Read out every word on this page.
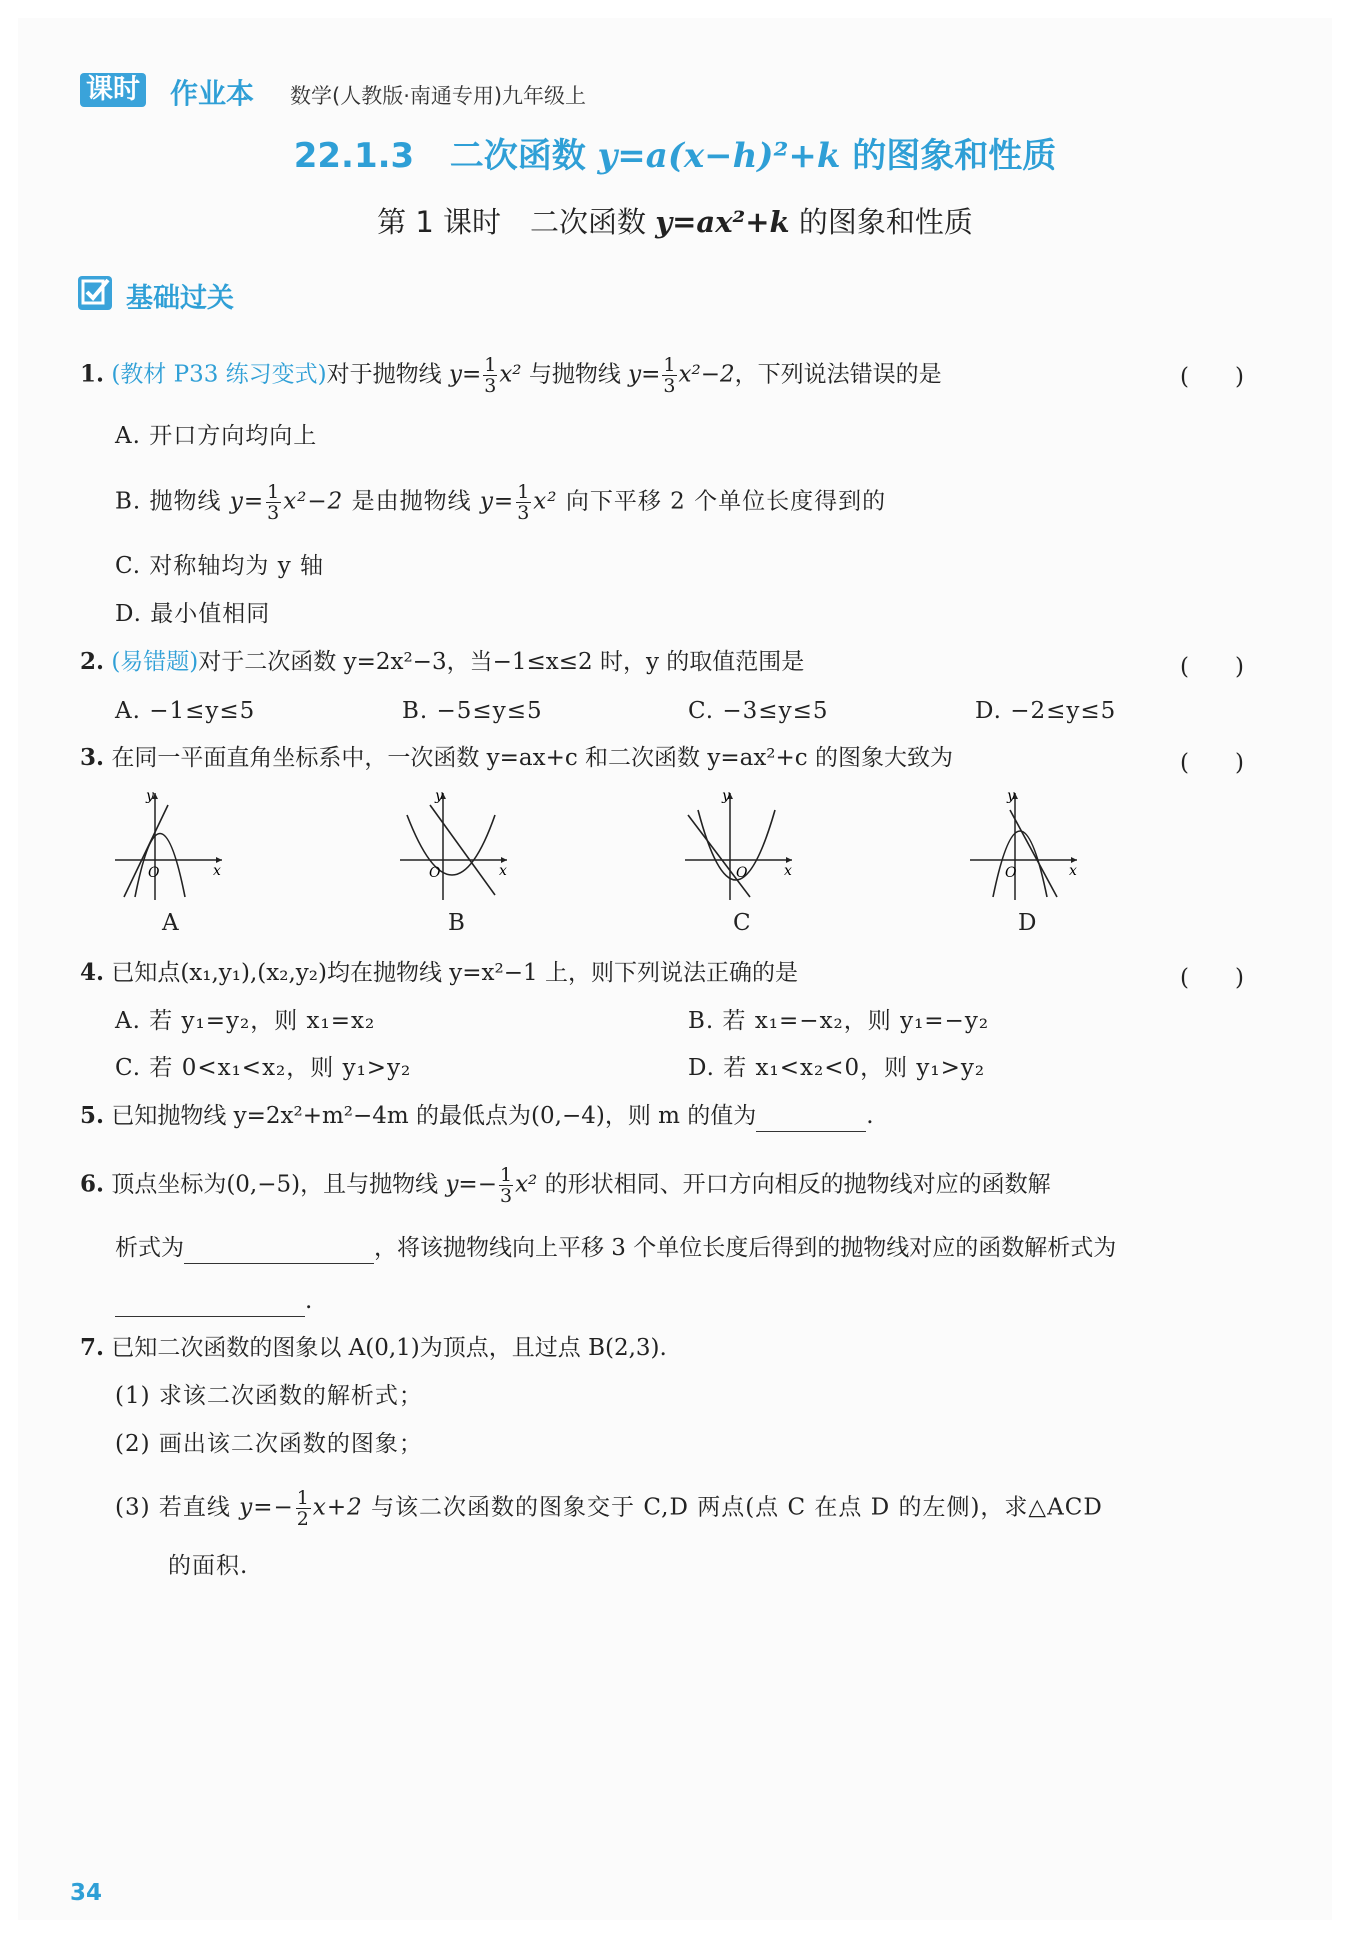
课时 作业本 数学(人教版·南通专用)九年级上
22.1.3 二次函数 y=a(x−h)²+k 的图象和性质
第 1 课时　二次函数 y=ax²+k 的图象和性质
基础过关
1. (教材 P33 练习变式)对于抛物线 $y= \frac{1}{3} x^2$ 与抛物线 $y= \frac{1}{3} x^2-2$，下列说法错误的是	(　　)
A. 开口方向均向上
B. 抛物线 $y= \frac{1}{3} x^2-2$ 是由抛物线 $y= \frac{1}{3} x^2$ 向下平移 2 个单位长度得到的
C. 对称轴均为 y 轴
D. 最小值相同
2. (易错题)对于二次函数 y=2x²−3，当−1≤x≤2 时，y 的取值范围是	(　　)
A. −1≤y≤5	B. −5≤y≤5	C. −3≤y≤5	D. −2≤y≤5
3. 在同一平面直角坐标系中，一次函数 y=ax+c 和二次函数 y=ax²+c 的图象大致为	(　　)
y
x
O
A
y
x
O
B
y
x
O
C
y
x
O
D
4. 已知点(x₁,y₁),(x₂,y₂)均在抛物线 y=x²−1 上，则下列说法正确的是	(　　)
A. 若 y₁=y₂，则 x₁=x₂	B. 若 x₁=−x₂，则 y₁=−y₂
C. 若 0<x₁<x₂，则 y₁>y₂	D. 若 x₁<x₂<0，则 y₁>y₂
5. 已知抛物线 y=2x²+m²−4m 的最低点为(0,−4)，则 m 的值为	.
6. 顶点坐标为(0,−5)，且与抛物线 $y=- \frac{1}{3} x^2$ 的形状相同、开口方向相反的抛物线对应的函数解
析式为	，将该抛物线向上平移 3 个单位长度后得到的抛物线对应的函数解析式为
.
7. 已知二次函数的图象以 A(0,1)为顶点，且过点 B(2,3).
(1) 求该二次函数的解析式；
(2) 画出该二次函数的图象；
(3) 若直线 $y=- \frac{1}{2} x+2$ 与该二次函数的图象交于 C,D 两点(点 C 在点 D 的左侧)，求△ACD
的面积.
34
